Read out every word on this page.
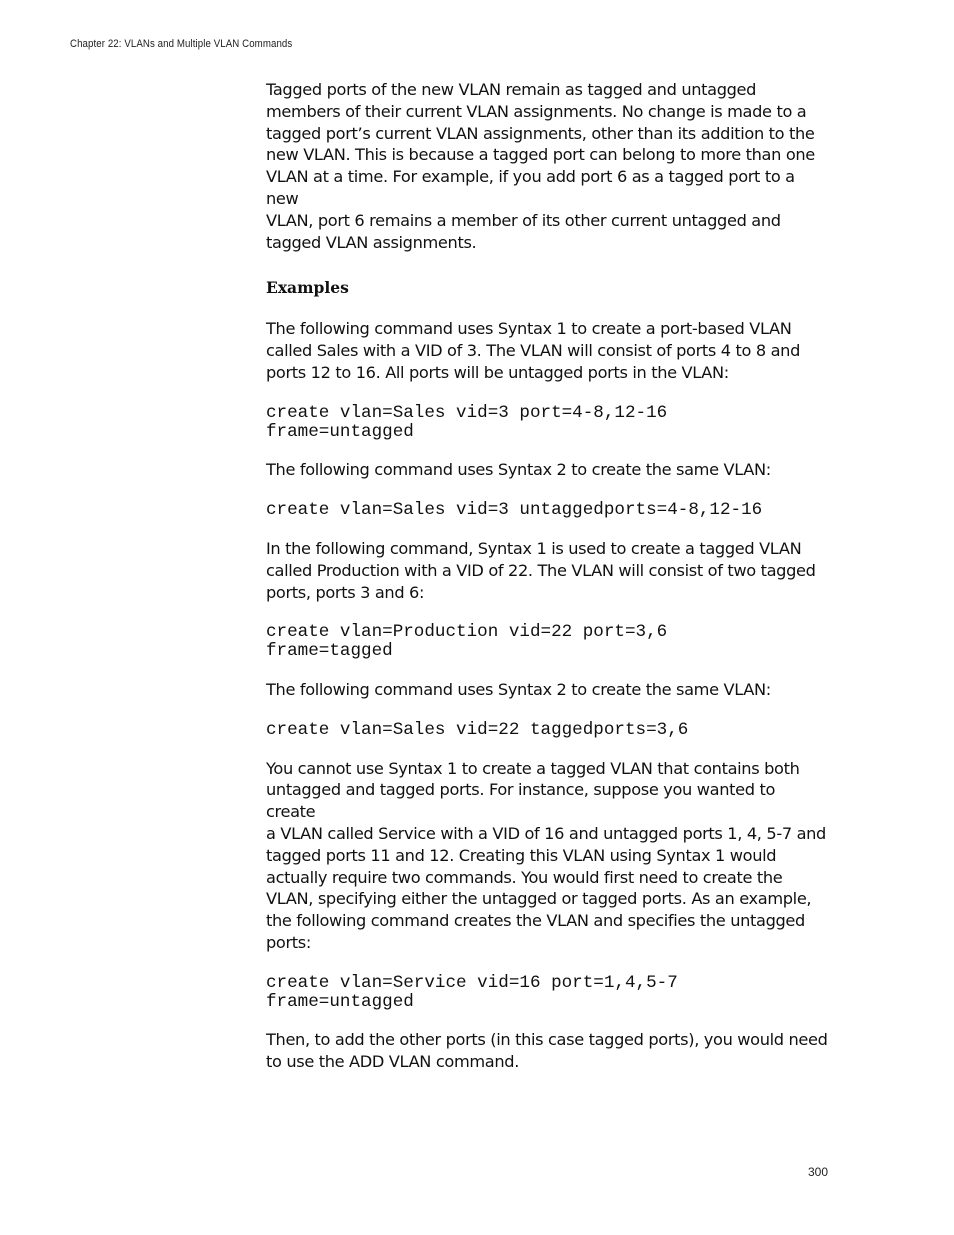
Chapter 22: VLANs and Multiple VLAN Commands

Tagged ports of the new VLAN remain as tagged and untagged
members of their current VLAN assignments. No change is made to a
tagged port’s current VLAN assignments, other than its addition to the
new VLAN. This is because a tagged port can belong to more than one
VLAN at a time. For example, if you add port 6 as a tagged port to a new
VLAN, port 6 remains a member of its other current untagged and
tagged VLAN assignments.

Examples

The following command uses Syntax 1 to create a port-based VLAN
called Sales with a VID of 3. The VLAN will consist of ports 4 to 8 and
ports 12 to 16. All ports will be untagged ports in the VLAN:

create vlan=Sales vid=3 port=4-8,12-16
frame=untagged

The following command uses Syntax 2 to create the same VLAN:

create vlan=Sales vid=3 untaggedports=4-8,12-16

In the following command, Syntax 1 is used to create a tagged VLAN
called Production with a VID of 22. The VLAN will consist of two tagged
ports, ports 3 and 6:

create vlan=Production vid=22 port=3,6
frame=tagged

The following command uses Syntax 2 to create the same VLAN:

create vlan=Sales vid=22 taggedports=3,6

You cannot use Syntax 1 to create a tagged VLAN that contains both
untagged and tagged ports. For instance, suppose you wanted to create
a VLAN called Service with a VID of 16 and untagged ports 1, 4, 5-7 and
tagged ports 11 and 12. Creating this VLAN using Syntax 1 would
actually require two commands. You would first need to create the
VLAN, specifying either the untagged or tagged ports. As an example,
the following command creates the VLAN and specifies the untagged
ports:

create vlan=Service vid=16 port=1,4,5-7
frame=untagged

Then, to add the other ports (in this case tagged ports), you would need
to use the ADD VLAN command.

300
